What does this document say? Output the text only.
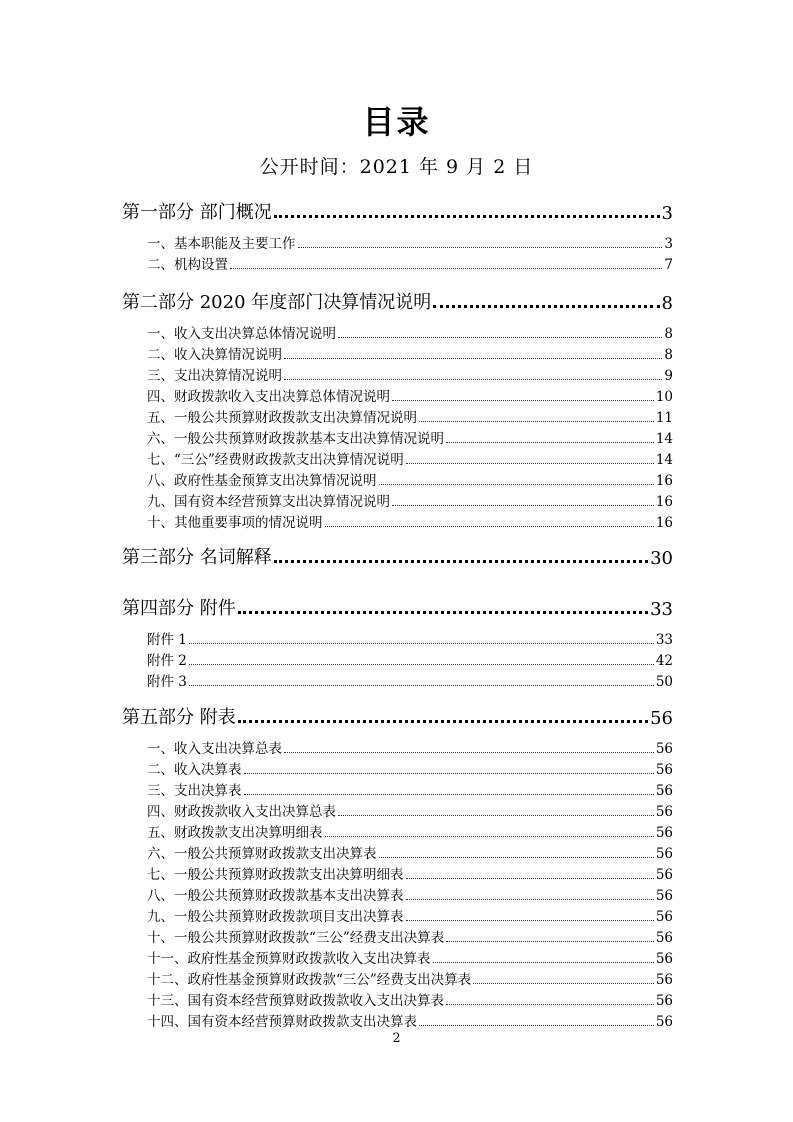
目录
公开时间：2021 年 9 月 2 日
第一部分 部门概况	3
一、基本职能及主要工作	3
二、机构设置	7
第二部分 2020 年度部门决算情况说明	8
一、收入支出决算总体情况说明	8
二、收入决算情况说明	8
三、支出决算情况说明	9
四、财政拨款收入支出决算总体情况说明	10
五、一般公共预算财政拨款支出决算情况说明	11
六、一般公共预算财政拨款基本支出决算情况说明	14
七、“三公”经费财政拨款支出决算情况说明	14
八、政府性基金预算支出决算情况说明	16
九、国有资本经营预算支出决算情况说明	16
十、其他重要事项的情况说明	16
第三部分 名词解释	30
第四部分 附件	33
附件 1	33
附件 2	42
附件 3	50
第五部分 附表	56
一、收入支出决算总表	56
二、收入决算表	56
三、支出决算表	56
四、财政拨款收入支出决算总表	56
五、财政拨款支出决算明细表	56
六、一般公共预算财政拨款支出决算表	56
七、一般公共预算财政拨款支出决算明细表	56
八、一般公共预算财政拨款基本支出决算表	56
九、一般公共预算财政拨款项目支出决算表	56
十、一般公共预算财政拨款“三公”经费支出决算表	56
十一、政府性基金预算财政拨款收入支出决算表	56
十二、政府性基金预算财政拨款“三公”经费支出决算表	56
十三、国有资本经营预算财政拨款收入支出决算表	56
十四、国有资本经营预算财政拨款支出决算表	56
2
